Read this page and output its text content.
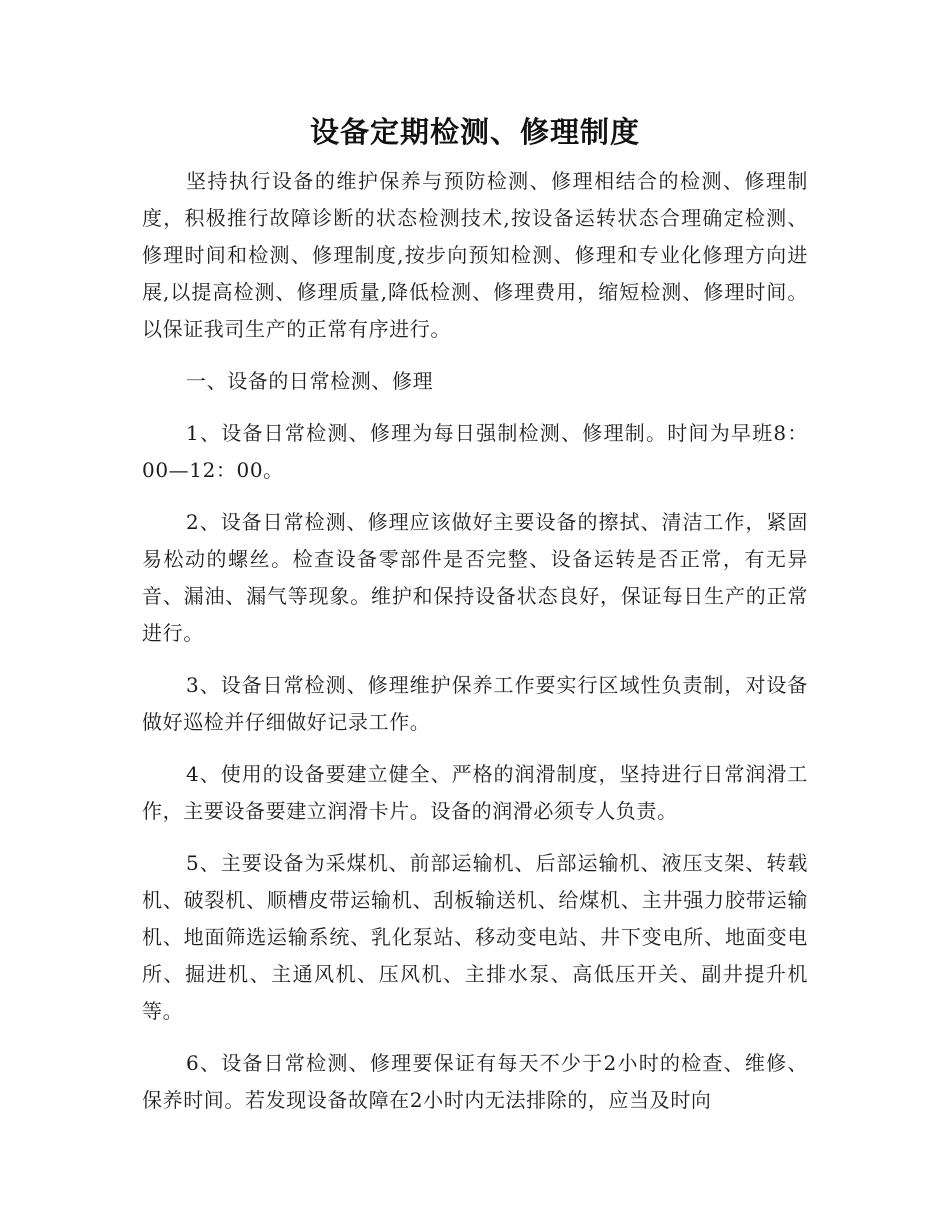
设备定期检测、修理制度

坚持执行设备的维护保养与预防检测、修理相结合的检测、修理制度，积极推行故障诊断的状态检测技术,按设备运转状态合理确定检测、修理时间和检测、修理制度,按步向预知检测、修理和专业化修理方向进展,以提高检测、修理质量,降低检测、修理费用，缩短检测、修理时间。以保证我司生产的正常有序进行。

一、设备的日常检测、修理

1、设备日常检测、修理为每日强制检测、修理制。时间为早班8：00—12：00。

2、设备日常检测、修理应该做好主要设备的擦拭、清洁工作，紧固易松动的螺丝。检查设备零部件是否完整、设备运转是否正常，有无异音、漏油、漏气等现象。维护和保持设备状态良好，保证每日生产的正常进行。

3、设备日常检测、修理维护保养工作要实行区域性负责制，对设备做好巡检并仔细做好记录工作。

4、使用的设备要建立健全、严格的润滑制度，坚持进行日常润滑工作，主要设备要建立润滑卡片。设备的润滑必须专人负责。

5、主要设备为采煤机、前部运输机、后部运输机、液压支架、转载机、破裂机、顺槽皮带运输机、刮板输送机、给煤机、主井强力胶带运输机、地面筛选运输系统、乳化泵站、移动变电站、井下变电所、地面变电所、掘进机、主通风机、压风机、主排水泵、高低压开关、副井提升机等。

6、设备日常检测、修理要保证有每天不少于2小时的检查、维修、保养时间。若发现设备故障在2小时内无法排除的，应当及时向
